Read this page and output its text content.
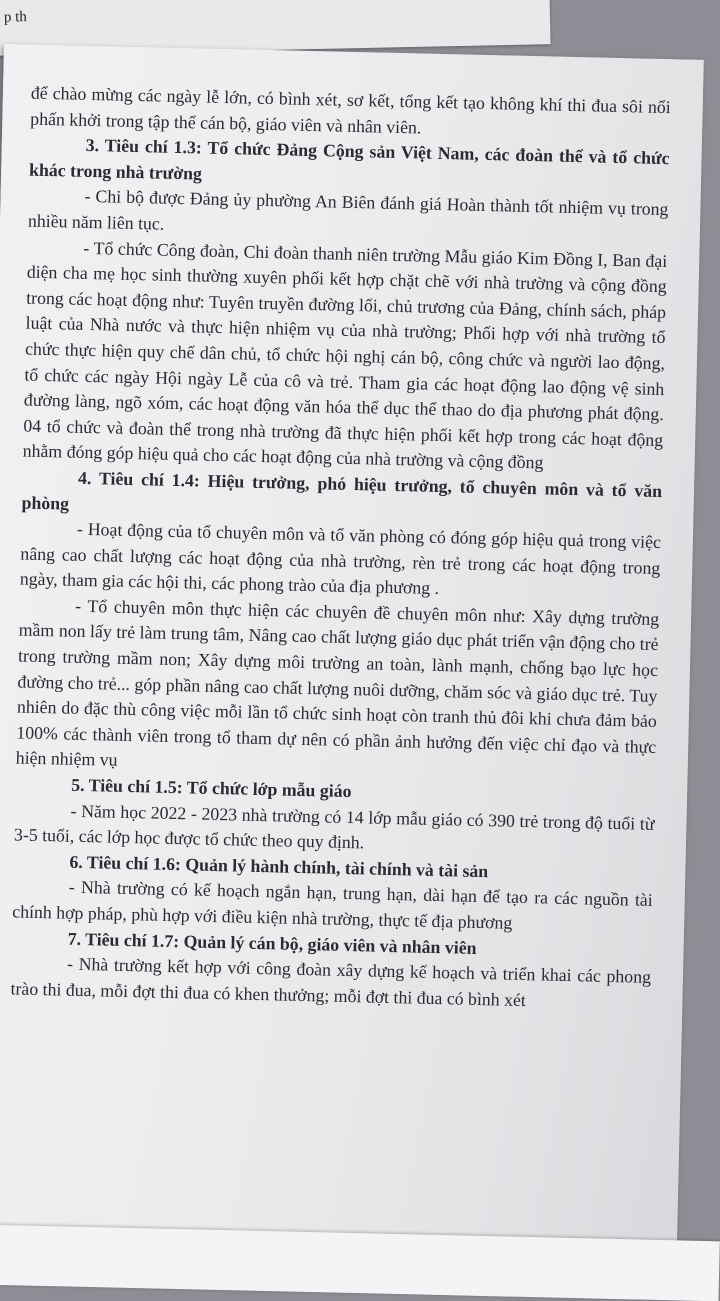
p th

để chào mừng các ngày lễ lớn, có bình xét, sơ kết, tổng kết tạo không khí thi đua sôi nổi phấn khởi trong tập thể cán bộ, giáo viên và nhân viên.

3. Tiêu chí 1.3: Tổ chức Đảng Cộng sản Việt Nam, các đoàn thể và tổ chức khác trong nhà trường

- Chi bộ được Đảng ủy phường An Biên đánh giá Hoàn thành tốt nhiệm vụ trong nhiều năm liên tục.

- Tổ chức Công đoàn, Chi đoàn thanh niên trường Mẫu giáo Kim Đồng I, Ban đại diện cha mẹ học sinh thường xuyên phối kết hợp chặt chẽ với nhà trường và cộng đồng trong các hoạt động như: Tuyên truyền đường lối, chủ trương của Đảng, chính sách, pháp luật của Nhà nước và thực hiện nhiệm vụ của nhà trường; Phối hợp với nhà trường tổ chức thực hiện quy chế dân chủ, tổ chức hội nghị cán bộ, công chức và người lao động, tổ chức các ngày Hội ngày Lễ của cô và trẻ. Tham gia các hoạt động lao động vệ sinh đường làng, ngõ xóm, các hoạt động văn hóa thể dục thể thao do địa phương phát động. 04 tổ chức và đoàn thể trong nhà trường đã thực hiện phối kết hợp trong các hoạt động nhằm đóng góp hiệu quả cho các hoạt động của nhà trường và cộng đồng

4. Tiêu chí 1.4: Hiệu trưởng, phó hiệu trưởng, tổ chuyên môn và tổ văn phòng

- Hoạt động của tổ chuyên môn và tổ văn phòng có đóng góp hiệu quả trong việc nâng cao chất lượng các hoạt động của nhà trường, rèn trẻ trong các hoạt động trong ngày, tham gia các hội thi, các phong trào của địa phương .

- Tổ chuyên môn thực hiện các chuyên đề chuyên môn như: Xây dựng trường mầm non lấy trẻ làm trung tâm, Nâng cao chất lượng giáo dục phát triển vận động cho trẻ trong trường mầm non; Xây dựng môi trường an toàn, lành mạnh, chống bạo lực học đường cho trẻ... góp phần nâng cao chất lượng nuôi dưỡng, chăm sóc và giáo dục trẻ. Tuy nhiên do đặc thù công việc mỗi lần tổ chức sinh hoạt còn tranh thủ đôi khi chưa đảm bảo 100% các thành viên trong tổ tham dự nên có phần ảnh hưởng đến việc chỉ đạo và thực hiện nhiệm vụ

5. Tiêu chí 1.5: Tổ chức lớp mẫu giáo

- Năm học 2022 - 2023 nhà trường có 14 lớp mẫu giáo có 390 trẻ trong độ tuổi từ 3-5 tuổi, các lớp học được tổ chức theo quy định.

6. Tiêu chí 1.6: Quản lý hành chính, tài chính và tài sản

- Nhà trường có kế hoạch ngắn hạn, trung hạn, dài hạn để tạo ra các nguồn tài chính hợp pháp, phù hợp với điều kiện nhà trường, thực tế địa phương

7. Tiêu chí 1.7: Quản lý cán bộ, giáo viên và nhân viên

- Nhà trường kết hợp với công đoàn xây dựng kế hoạch và triển khai các phong trào thi đua, mỗi đợt thi đua có khen thưởng; mỗi đợt thi đua có bình xét
